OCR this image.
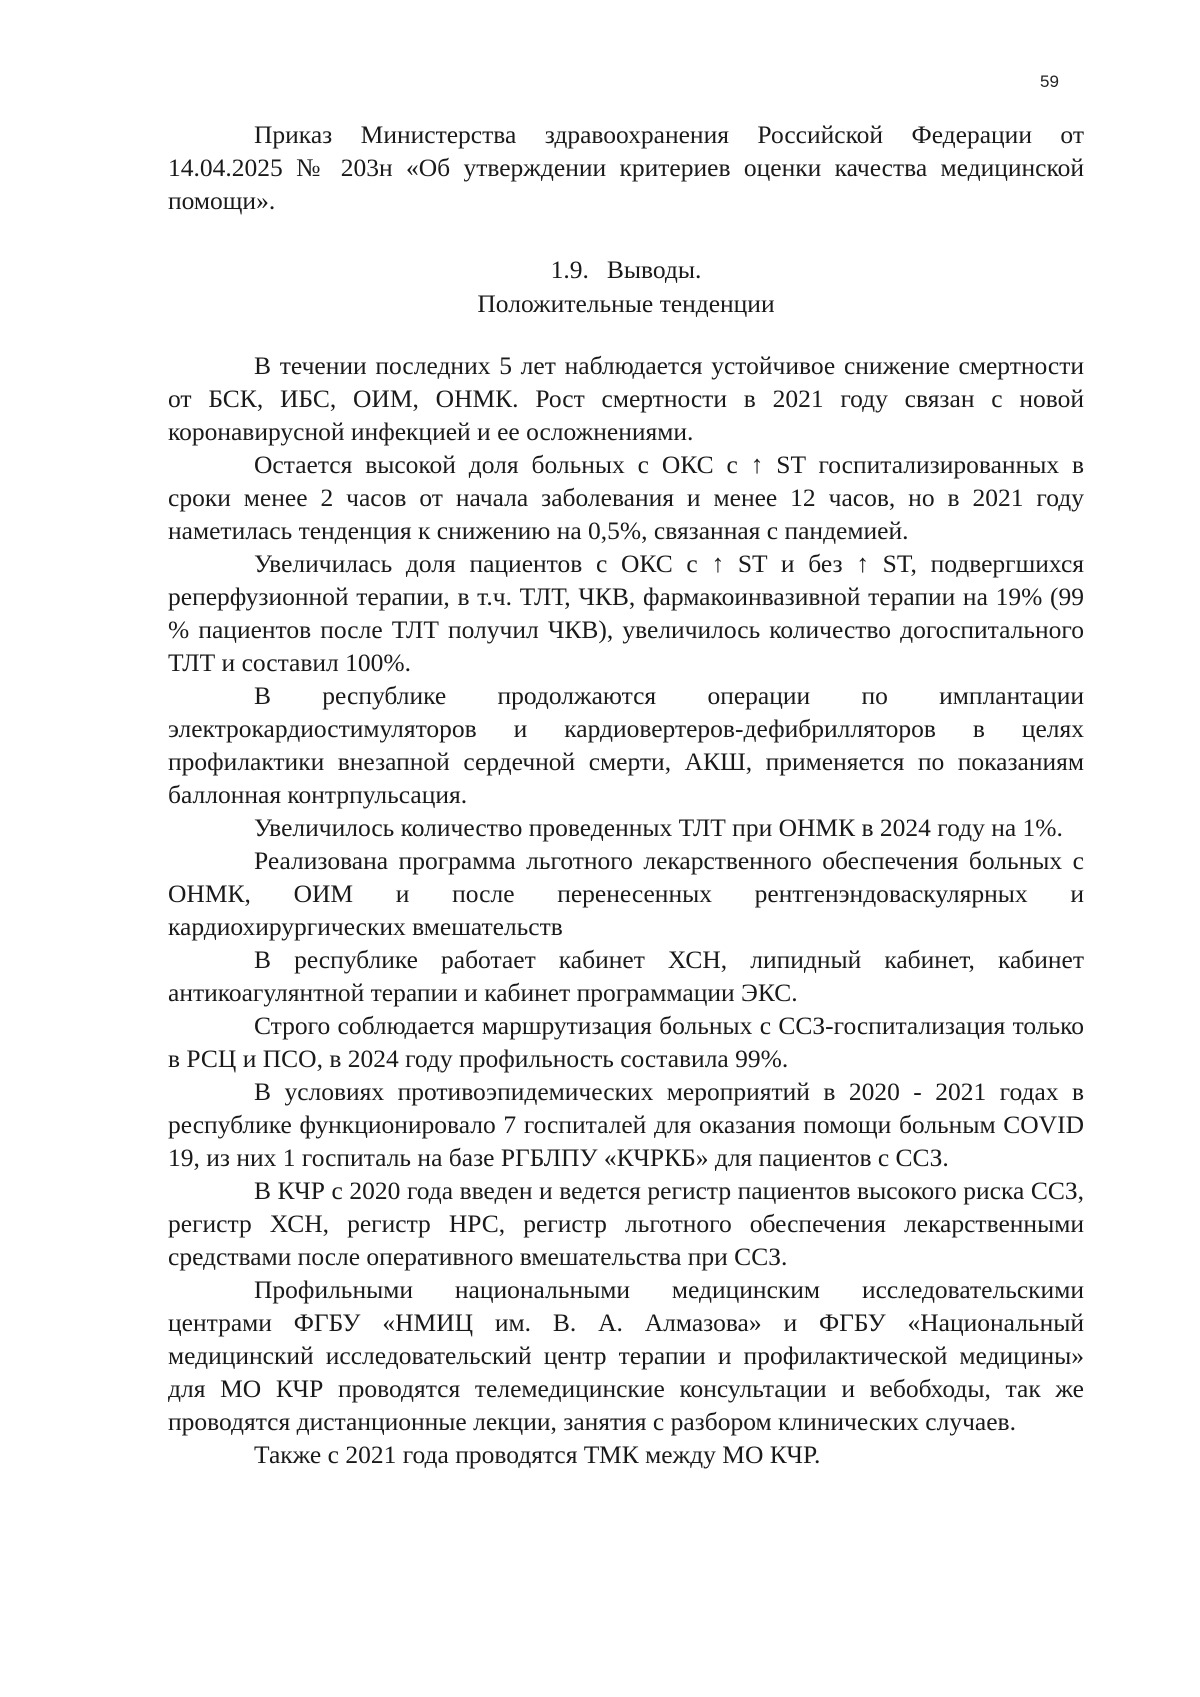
59

Приказ Министерства здравоохранения Российской Федерации от 14.04.2025 № 203н «Об утверждении критериев оценки качества медицинской помощи».

1.9. Выводы.

Положительные тенденции

В течении последних 5 лет наблюдается устойчивое снижение смертности от БСК, ИБС, ОИМ, ОНМК. Рост смертности в 2021 году связан с новой коронавирусной инфекцией и ее осложнениями.

Остается высокой доля больных с ОКС с ↑ ST госпитализированных в сроки менее 2 часов от начала заболевания и менее 12 часов, но в 2021 году наметилась тенденция к снижению на 0,5%, связанная с пандемией.

Увеличилась доля пациентов с ОКС с ↑ ST и без ↑ ST, подвергшихся реперфузионной терапии, в т.ч. ТЛТ, ЧКВ, фармакоинвазивной терапии на 19% (99 % пациентов после ТЛТ получил ЧКВ), увеличилось количество догоспитального ТЛТ и составил 100%.

В республике продолжаются операции по имплантации электрокардиостимуляторов и кардиовертеров-дефибрилляторов в целях профилактики внезапной сердечной смерти, АКШ, применяется по показаниям баллонная контрпульсация.

Увеличилось количество проведенных ТЛТ при ОНМК в 2024 году на 1%.

Реализована программа льготного лекарственного обеспечения больных с ОНМК, ОИМ и после перенесенных рентгенэндоваскулярных и кардиохирургических вмешательств

В республике работает кабинет ХСН, липидный кабинет, кабинет антикоагулянтной терапии и кабинет программации ЭКС.

Строго соблюдается маршрутизация больных с ССЗ-госпитализация только в РСЦ и ПСО, в 2024 году профильность составила 99%.

В условиях противоэпидемических мероприятий в 2020 - 2021 годах в республике функционировало 7 госпиталей для оказания помощи больным COVID 19, из них 1 госпиталь на базе РГБЛПУ «КЧРКБ» для пациентов с ССЗ.

В КЧР с 2020 года введен и ведется регистр пациентов высокого риска ССЗ, регистр ХСН, регистр НРС, регистр льготного обеспечения лекарственными средствами после оперативного вмешательства при ССЗ.

Профильными национальными медицинским исследовательскими центрами ФГБУ «НМИЦ им. В. А. Алмазова» и ФГБУ «Национальный медицинский исследовательский центр терапии и профилактической медицины» для МО КЧР проводятся телемедицинские консультации и вебобходы, так же проводятся дистанционные лекции, занятия с разбором клинических случаев.

Также с 2021 года проводятся ТМК между МО КЧР.
